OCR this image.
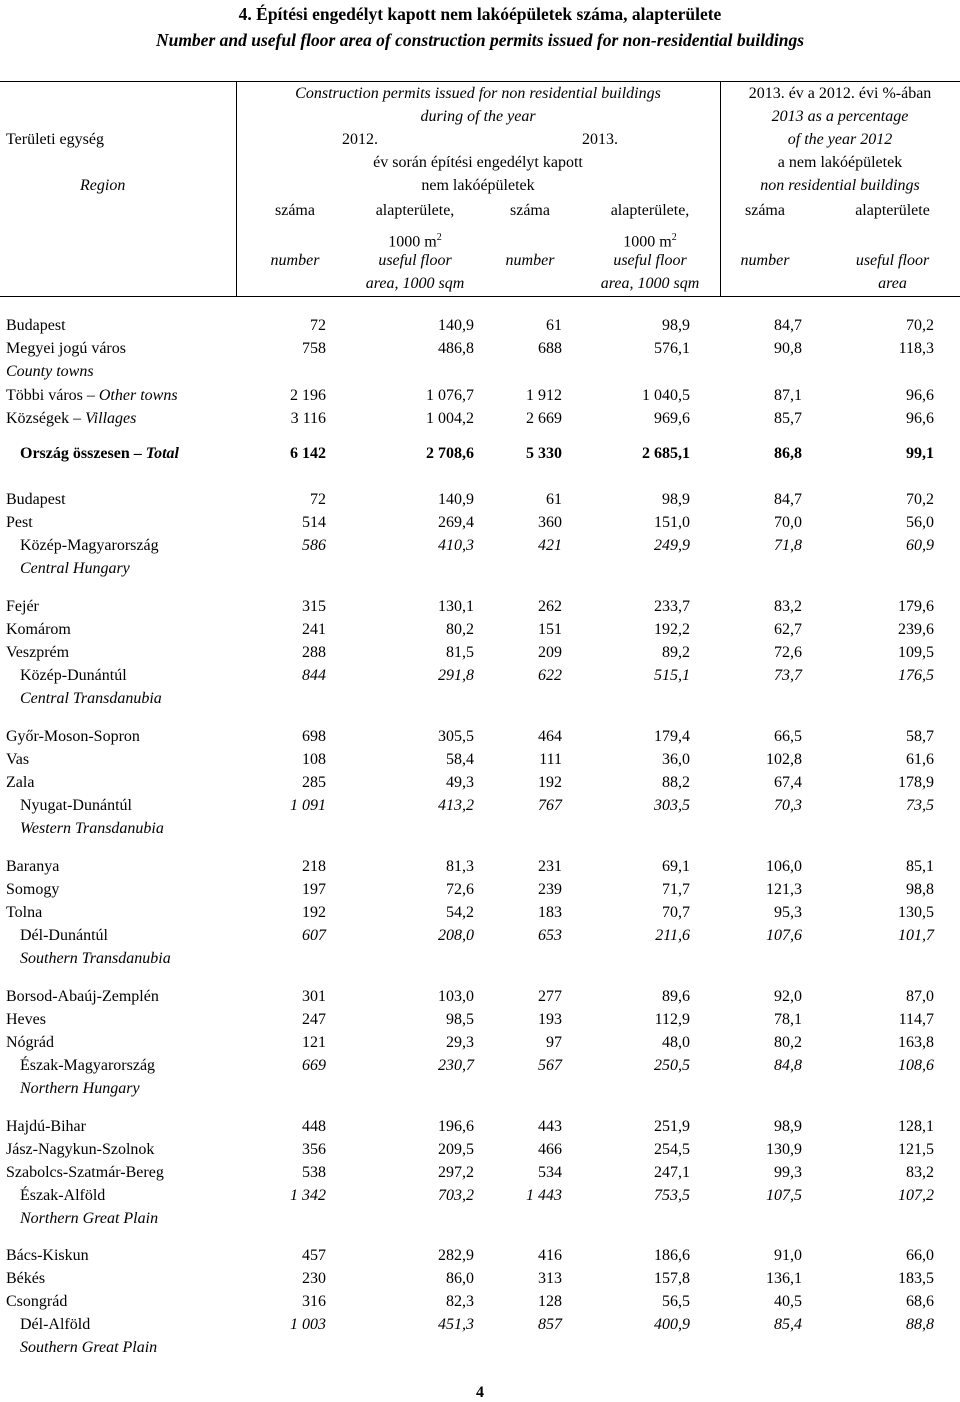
4. Építési engedélyt kapott nem lakóépületek száma, alapterülete
Number and useful floor area of construction permits issued for non-residential buildings
Területi egység
Region
Construction permits issued for non residential buildings
during of the year
2012.	2013.
év során építési engedélyt kapott
nem lakóépületek
2013. év a 2012. évi %-ában
2013 as a percentage
of the year 2012
a nem lakóépületek
non residential buildings
száma	alapterülete,	száma	alapterülete,	száma	alapterülete
1000 $m^2$	1000 $m^2$
number	useful floor	number	useful floor	number	useful floor
area, 1000 sqm	area, 1000 sqm	area
Budapest	72	140,9	61	98,9	84,7	70,2
Megyei jogú város	758	486,8	688	576,1	90,8	118,3
County towns
Többi város – Other towns	2 196	1 076,7	1 912	1 040,5	87,1	96,6
Községek – Villages	3 116	1 004,2	2 669	969,6	85,7	96,6
Ország összesen – Total	6 142	2 708,6	5 330	2 685,1	86,8	99,1
Budapest	72	140,9	61	98,9	84,7	70,2
Pest	514	269,4	360	151,0	70,0	56,0
Közép-Magyarország	586	410,3	421	249,9	71,8	60,9
Central Hungary
Fejér	315	130,1	262	233,7	83,2	179,6
Komárom	241	80,2	151	192,2	62,7	239,6
Veszprém	288	81,5	209	89,2	72,6	109,5
Közép-Dunántúl	844	291,8	622	515,1	73,7	176,5
Central Transdanubia
Győr-Moson-Sopron	698	305,5	464	179,4	66,5	58,7
Vas	108	58,4	111	36,0	102,8	61,6
Zala	285	49,3	192	88,2	67,4	178,9
Nyugat-Dunántúl	1 091	413,2	767	303,5	70,3	73,5
Western Transdanubia
Baranya	218	81,3	231	69,1	106,0	85,1
Somogy	197	72,6	239	71,7	121,3	98,8
Tolna	192	54,2	183	70,7	95,3	130,5
Dél-Dunántúl	607	208,0	653	211,6	107,6	101,7
Southern Transdanubia
Borsod-Abaúj-Zemplén	301	103,0	277	89,6	92,0	87,0
Heves	247	98,5	193	112,9	78,1	114,7
Nógrád	121	29,3	97	48,0	80,2	163,8
Észak-Magyarország	669	230,7	567	250,5	84,8	108,6
Northern Hungary
Hajdú-Bihar	448	196,6	443	251,9	98,9	128,1
Jász-Nagykun-Szolnok	356	209,5	466	254,5	130,9	121,5
Szabolcs-Szatmár-Bereg	538	297,2	534	247,1	99,3	83,2
Észak-Alföld	1 342	703,2	1 443	753,5	107,5	107,2
Northern Great Plain
Bács-Kiskun	457	282,9	416	186,6	91,0	66,0
Békés	230	86,0	313	157,8	136,1	183,5
Csongrád	316	82,3	128	56,5	40,5	68,6
Dél-Alföld	1 003	451,3	857	400,9	85,4	88,8
Southern Great Plain
4
